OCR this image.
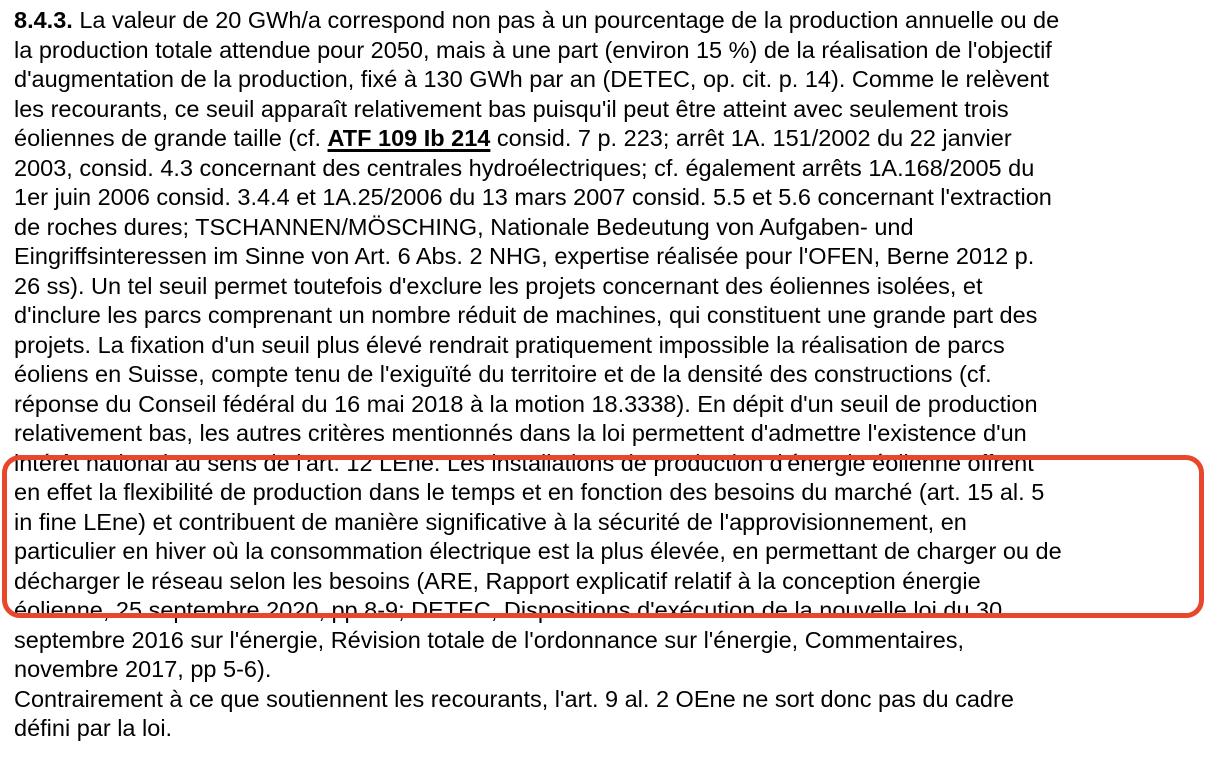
8.4.3. La valeur de 20 GWh/a correspond non pas à un pourcentage de la production annuelle ou de
la production totale attendue pour 2050, mais à une part (environ 15 %) de la réalisation de l'objectif
d'augmentation de la production, fixé à 130 GWh par an (DETEC, op. cit. p. 14). Comme le relèvent
les recourants, ce seuil apparaît relativement bas puisqu'il peut être atteint avec seulement trois
éoliennes de grande taille (cf. ATF 109 Ib 214 consid. 7 p. 223; arrêt 1A. 151/2002 du 22 janvier
2003, consid. 4.3 concernant des centrales hydroélectriques; cf. également arrêts 1A.168/2005 du
1er juin 2006 consid. 3.4.4 et 1A.25/2006 du 13 mars 2007 consid. 5.5 et 5.6 concernant l'extraction
de roches dures; TSCHANNEN/MÖSCHING, Nationale Bedeutung von Aufgaben- und
Eingriffsinteressen im Sinne von Art. 6 Abs. 2 NHG, expertise réalisée pour l'OFEN, Berne 2012 p.
26 ss). Un tel seuil permet toutefois d'exclure les projets concernant des éoliennes isolées, et
d'inclure les parcs comprenant un nombre réduit de machines, qui constituent une grande part des
projets. La fixation d'un seuil plus élevé rendrait pratiquement impossible la réalisation de parcs
éoliens en Suisse, compte tenu de l'exiguïté du territoire et de la densité des constructions (cf.
réponse du Conseil fédéral du 16 mai 2018 à la motion 18.3338). En dépit d'un seuil de production
relativement bas, les autres critères mentionnés dans la loi permettent d'admettre l'existence d'un
intérêt national au sens de l'art. 12 LEne. Les installations de production d'énergie éolienne offrent
en effet la flexibilité de production dans le temps et en fonction des besoins du marché (art. 15 al. 5
in fine LEne) et contribuent de manière significative à la sécurité de l'approvisionnement, en
particulier en hiver où la consommation électrique est la plus élevée, en permettant de charger ou de
décharger le réseau selon les besoins (ARE, Rapport explicatif relatif à la conception énergie
éolienne, 25 septembre 2020, pp 8-9; DETEC, Dispositions d'exécution de la nouvelle loi du 30
septembre 2016 sur l'énergie, Révision totale de l'ordonnance sur l'énergie, Commentaires,
novembre 2017, pp 5-6).
Contrairement à ce que soutiennent les recourants, l'art. 9 al. 2 OEne ne sort donc pas du cadre
défini par la loi.
